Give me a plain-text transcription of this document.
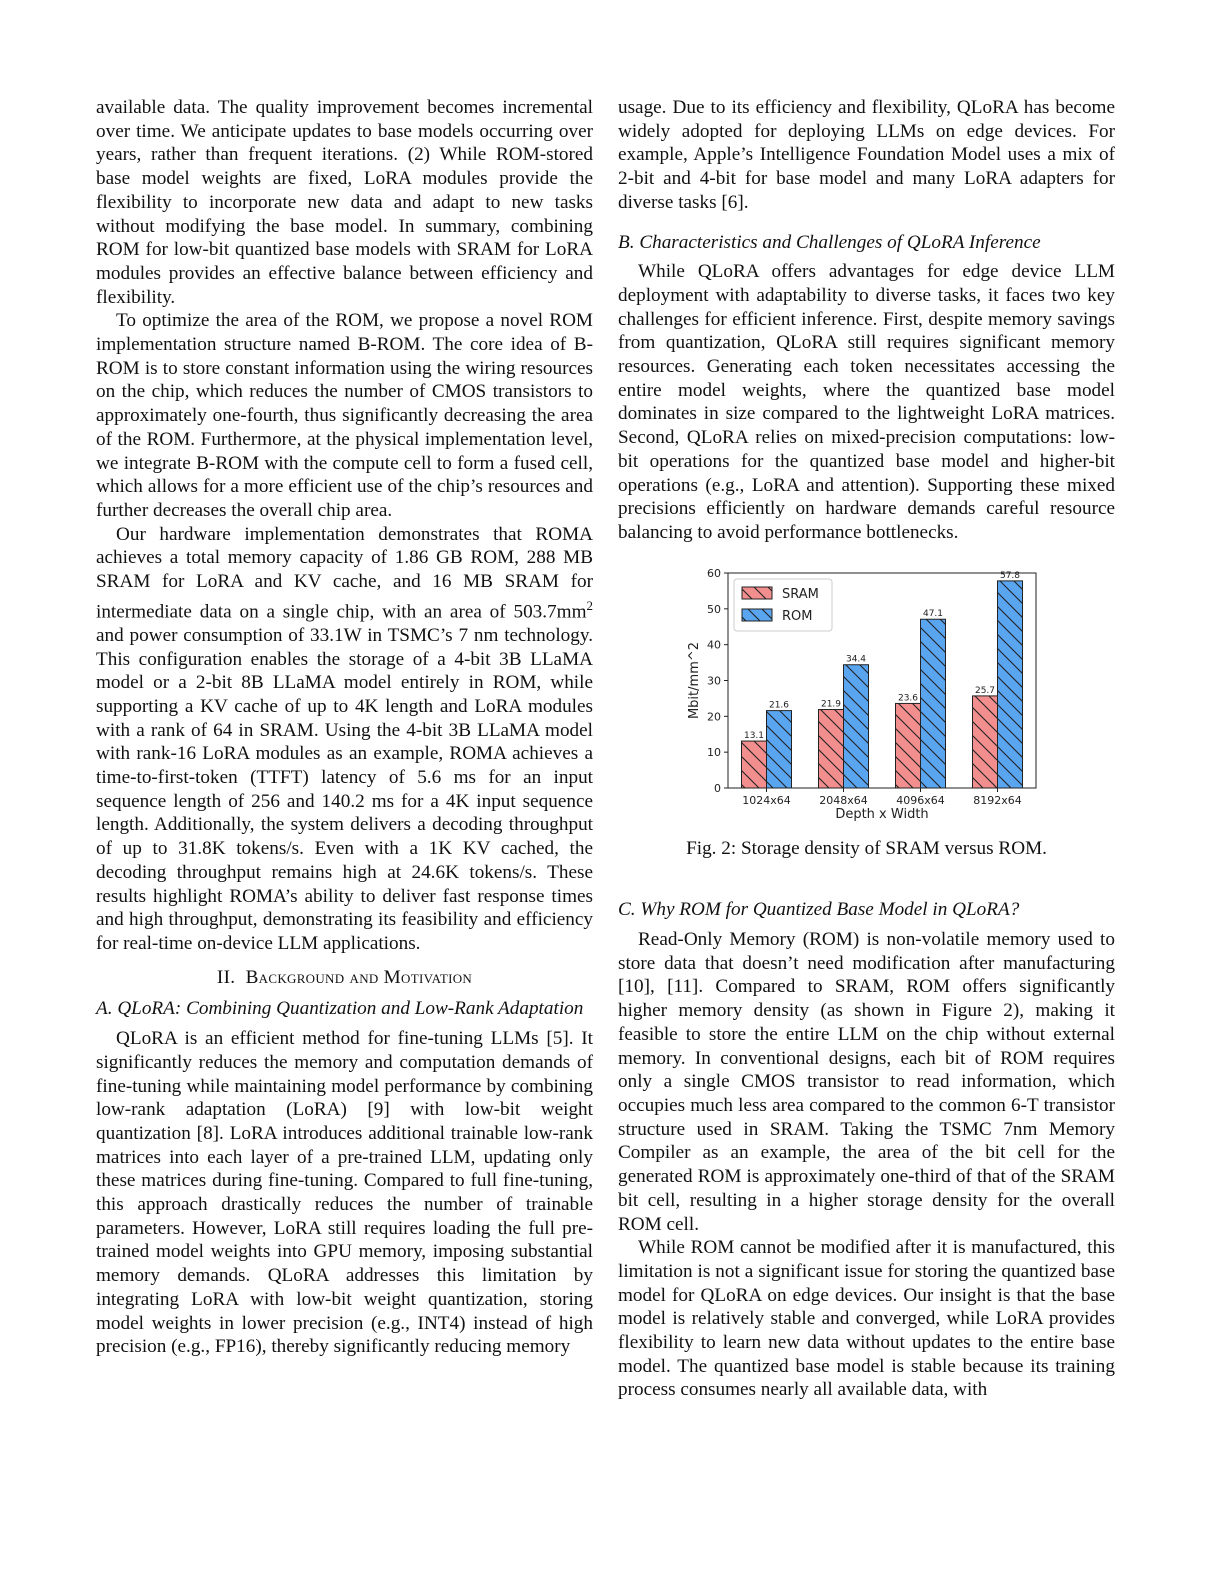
available data. The quality improvement becomes incremental over time. We anticipate updates to base models occurring over years, rather than frequent iterations. (2) While ROM-stored base model weights are fixed, LoRA modules provide the flexibility to incorporate new data and adapt to new tasks without modifying the base model. In summary, combining ROM for low-bit quantized base models with SRAM for LoRA modules provides an effective balance between efficiency and flexibility.

To optimize the area of the ROM, we propose a novel ROM implementation structure named B-ROM. The core idea of B-ROM is to store constant information using the wiring resources on the chip, which reduces the number of CMOS transistors to approximately one-fourth, thus significantly decreasing the area of the ROM. Furthermore, at the physical implementation level, we integrate B-ROM with the compute cell to form a fused cell, which allows for a more efficient use of the chip’s resources and further decreases the overall chip area.

Our hardware implementation demonstrates that ROMA achieves a total memory capacity of 1.86 GB ROM, 288 MB SRAM for LoRA and KV cache, and 16 MB SRAM for intermediate data on a single chip, with an area of $503.7mm^2$ and power consumption of 33.1W in TSMC’s 7 nm technology. This configuration enables the storage of a 4-bit 3B LLaMA model or a 2-bit 8B LLaMA model entirely in ROM, while supporting a KV cache of up to 4K length and LoRA modules with a rank of 64 in SRAM. Using the 4-bit 3B LLaMA model with rank-16 LoRA modules as an example, ROMA achieves a time-to-first-token (TTFT) latency of 5.6 ms for an input sequence length of 256 and 140.2 ms for a 4K input sequence length. Additionally, the system delivers a decoding throughput of up to 31.8K tokens/s. Even with a 1K KV cached, the decoding throughput remains high at 24.6K tokens/s. These results highlight ROMA’s ability to deliver fast response times and high throughput, demonstrating its feasibility and efficiency for real-time on-device LLM applications.

II. Background and Motivation
A. QLoRA: Combining Quantization and Low-Rank Adaptation

QLoRA is an efficient method for fine-tuning LLMs [5]. It significantly reduces the memory and computation demands of fine-tuning while maintaining model performance by combining low-rank adaptation (LoRA) [9] with low-bit weight quantization [8]. LoRA introduces additional trainable low-rank matrices into each layer of a pre-trained LLM, updating only these matrices during fine-tuning. Compared to full fine-tuning, this approach drastically reduces the number of trainable parameters. However, LoRA still requires loading the full pre-trained model weights into GPU memory, imposing substantial memory demands. QLoRA addresses this limitation by integrating LoRA with low-bit weight quantization, storing model weights in lower precision (e.g., INT4) instead of high precision (e.g., FP16), thereby significantly reducing memory

usage. Due to its efficiency and flexibility, QLoRA has become widely adopted for deploying LLMs on edge devices. For example, Apple’s Intelligence Foundation Model uses a mix of 2-bit and 4-bit for base model and many LoRA adapters for diverse tasks [6].

B. Characteristics and Challenges of QLoRA Inference

While QLoRA offers advantages for edge device LLM deployment with adaptability to diverse tasks, it faces two key challenges for efficient inference. First, despite memory savings from quantization, QLoRA still requires significant memory resources. Generating each token necessitates accessing the entire model weights, where the quantized base model dominates in size compared to the lightweight LoRA matrices. Second, QLoRA relies on mixed-precision computations: low-bit operations for the quantized base model and higher-bit operations (e.g., LoRA and attention). Supporting these mixed precisions efficiently on hardware demands careful resource balancing to avoid performance bottlenecks.

0
10
20
30
40
50
60
Mbit/mm^2
13.1
21.6
1024x64
21.9
34.4
2048x64
23.6
47.1
4096x64
25.7
57.8
8192x64
Depth x Width
SRAM
ROM
Fig. 2: Storage density of SRAM versus ROM.
C. Why ROM for Quantized Base Model in QLoRA?

Read-Only Memory (ROM) is non-volatile memory used to store data that doesn’t need modification after manufacturing [10], [11]. Compared to SRAM, ROM offers significantly higher memory density (as shown in Figure 2), making it feasible to store the entire LLM on the chip without external memory. In conventional designs, each bit of ROM requires only a single CMOS transistor to read information, which occupies much less area compared to the common 6-T transistor structure used in SRAM. Taking the TSMC 7nm Memory Compiler as an example, the area of the bit cell for the generated ROM is approximately one-third of that of the SRAM bit cell, resulting in a higher storage density for the overall ROM cell.

While ROM cannot be modified after it is manufactured, this limitation is not a significant issue for storing the quantized base model for QLoRA on edge devices. Our insight is that the base model is relatively stable and converged, while LoRA provides flexibility to learn new data without updates to the entire base model. The quantized base model is stable because its training process consumes nearly all available data, with
